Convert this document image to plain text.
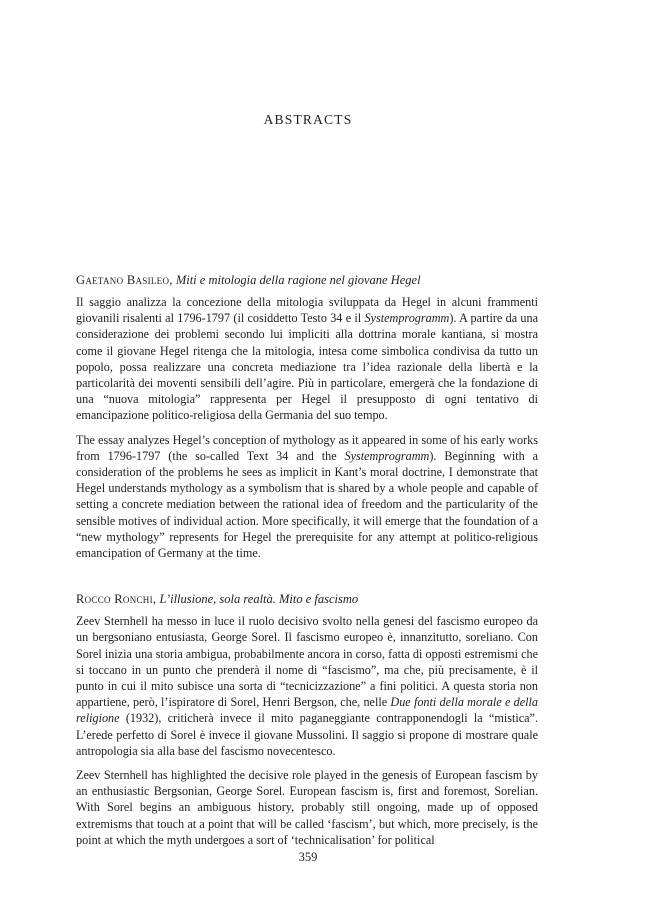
ABSTRACTS
Gaetano Basileo, Miti e mitologia della ragione nel giovane Hegel

Il saggio analizza la concezione della mitologia sviluppata da Hegel in alcuni frammenti giovanili risalenti al 1796-1797 (il cosiddetto Testo 34 e il Systemprogramm). A partire da una considerazione dei problemi secondo lui impliciti alla dottrina morale kantiana, si mostra come il giovane Hegel ritenga che la mitologia, intesa come simbolica condivisa da tutto un popolo, possa realizzare una concreta mediazione tra l’idea razionale della libertà e la particolarità dei moventi sensibili dell’agire. Più in particolare, emergerà che la fondazione di una “nuova mitologia” rappresenta per Hegel il presupposto di ogni tentativo di emancipazione politico-religiosa della Germania del suo tempo.

The essay analyzes Hegel’s conception of mythology as it appeared in some of his early works from 1796-1797 (the so-called Text 34 and the Systemprogramm). Beginning with a consideration of the problems he sees as implicit in Kant’s moral doctrine, I demonstrate that Hegel understands mythology as a symbolism that is shared by a whole people and capable of setting a concrete mediation between the rational idea of freedom and the particularity of the sensible motives of individual action. More specifically, it will emerge that the foundation of a “new mythology” represents for Hegel the prerequisite for any attempt at politico-religious emancipation of Germany at the time.

Rocco Ronchi, L’illusione, sola realtà. Mito e fascismo

Zeev Sternhell ha messo in luce il ruolo decisivo svolto nella genesi del fascismo europeo da un bergsoniano entusiasta, George Sorel. Il fascismo europeo è, innanzitutto, soreliano. Con Sorel inizia una storia ambigua, probabilmente ancora in corso, fatta di opposti estremismi che si toccano in un punto che prenderà il nome di “fascismo”, ma che, più precisamente, è il punto in cui il mito subisce una sorta di “tecnicizzazione” a fini politici. A questa storia non appartiene, però, l’ispiratore di Sorel, Henri Bergson, che, nelle Due fonti della morale e della religione (1932), criticherà invece il mito paganeggiante contrapponendogli la “mistica”. L’erede perfetto di Sorel è invece il giovane Mussolini. Il saggio si propone di mostrare quale antropologia sia alla base del fascismo novecentesco.

Zeev Sternhell has highlighted the decisive role played in the genesis of European fascism by an enthusiastic Bergsonian, George Sorel. European fascism is, first and foremost, Sorelian. With Sorel begins an ambiguous history, probably still ongoing, made up of opposed extremisms that touch at a point that will be called ‘fascism’, but which, more precisely, is the point at which the myth undergoes a sort of ‘technicalisation’ for political

359
